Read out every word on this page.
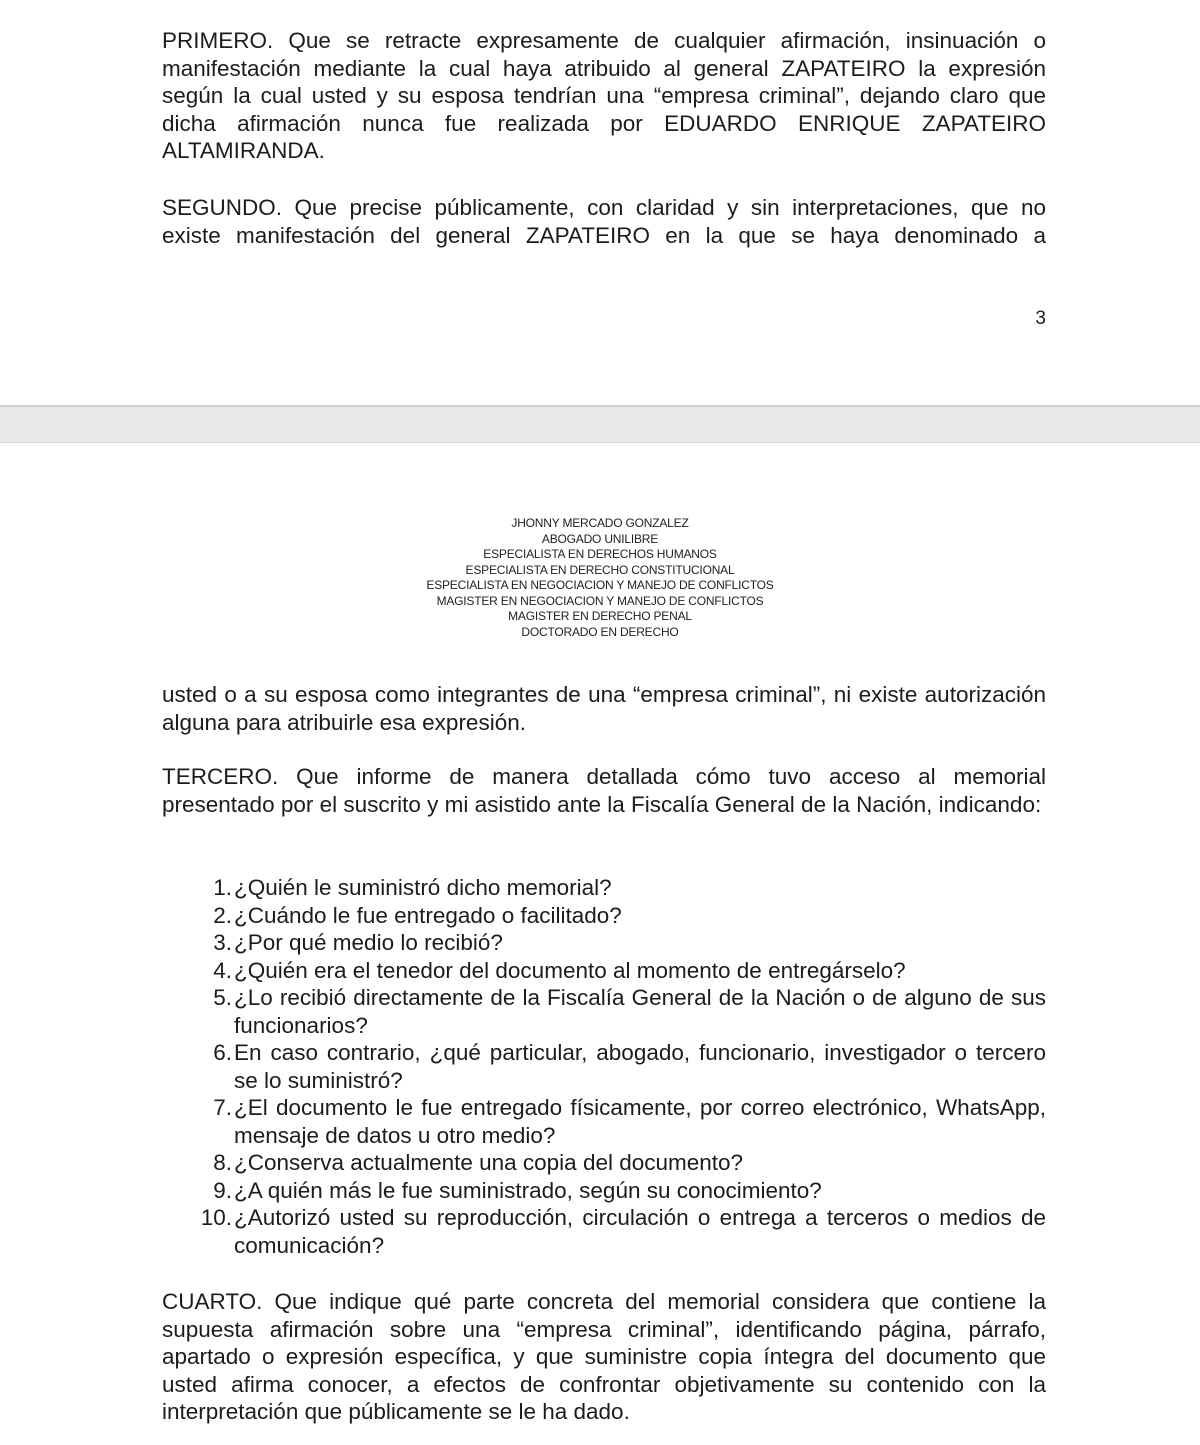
PRIMERO. Que se retracte expresamente de cualquier afirmación, insinuación o manifestación mediante la cual haya atribuido al general ZAPATEIRO la expresión según la cual usted y su esposa tendrían una “empresa criminal”, dejando claro que dicha afirmación nunca fue realizada por EDUARDO ENRIQUE ZAPATEIRO ALTAMIRANDA.

SEGUNDO. Que precise públicamente, con claridad y sin interpretaciones, que no existe manifestación del general ZAPATEIRO en la que se haya denominado a

3
JHONNY MERCADO GONZALEZ
ABOGADO UNILIBRE
ESPECIALISTA EN DERECHOS HUMANOS
ESPECIALISTA EN DERECHO CONSTITUCIONAL
ESPECIALISTA EN NEGOCIACION Y MANEJO DE CONFLICTOS
MAGISTER EN NEGOCIACION Y MANEJO DE CONFLICTOS
MAGISTER EN DERECHO PENAL
DOCTORADO EN DERECHO

usted o a su esposa como integrantes de una “empresa criminal”, ni existe autorización alguna para atribuirle esa expresión.

TERCERO. Que informe de manera detallada cómo tuvo acceso al memorial presentado por el suscrito y mi asistido ante la Fiscalía General de la Nación, indicando:

1. ¿Quién le suministró dicho memorial?
2. ¿Cuándo le fue entregado o facilitado?
3. ¿Por qué medio lo recibió?
4. ¿Quién era el tenedor del documento al momento de entregárselo?
5. ¿Lo recibió directamente de la Fiscalía General de la Nación o de alguno de sus funcionarios?
6. En caso contrario, ¿qué particular, abogado, funcionario, investigador o tercero se lo suministró?
7. ¿El documento le fue entregado físicamente, por correo electrónico, WhatsApp, mensaje de datos u otro medio?
8. ¿Conserva actualmente una copia del documento?
9. ¿A quién más le fue suministrado, según su conocimiento?
10. ¿Autorizó usted su reproducción, circulación o entrega a terceros o medios de comunicación?

CUARTO. Que indique qué parte concreta del memorial considera que contiene la supuesta afirmación sobre una “empresa criminal”, identificando página, párrafo, apartado o expresión específica, y que suministre copia íntegra del documento que usted afirma conocer, a efectos de confrontar objetivamente su contenido con la interpretación que públicamente se le ha dado.
